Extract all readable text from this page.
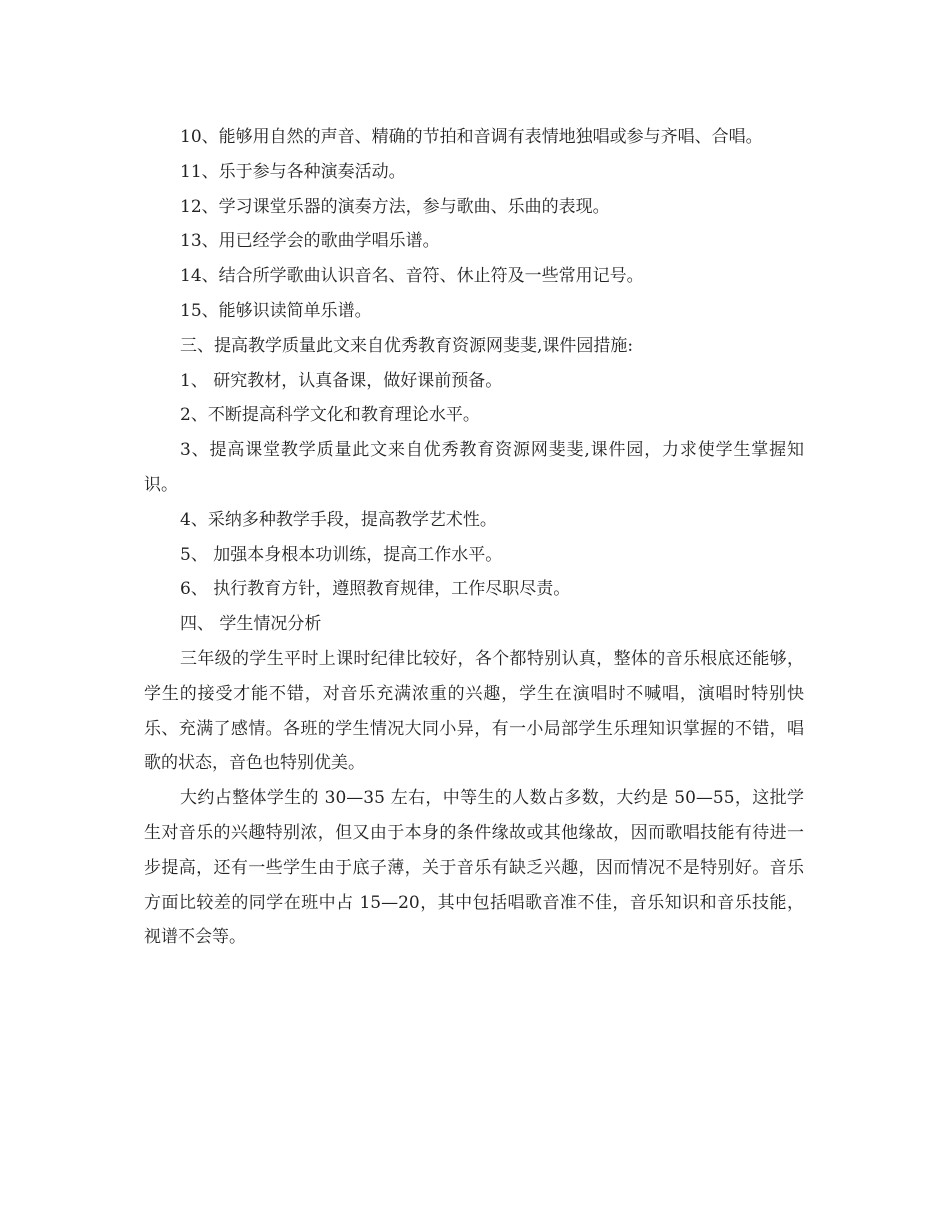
10、能够用自然的声音、精确的节拍和音调有表情地独唱或参与齐唱、合唱。

11、乐于参与各种演奏活动。

12、学习课堂乐器的演奏方法，参与歌曲、乐曲的表现。

13、用已经学会的歌曲学唱乐谱。

14、结合所学歌曲认识音名、音符、休止符及一些常用记号。

15、能够识读简单乐谱。

三、提高教学质量此文来自优秀教育资源网斐斐,课件园措施:

1、 研究教材，认真备课，做好课前预备。

2、不断提高科学文化和教育理论水平。

3、提高课堂教学质量此文来自优秀教育资源网斐斐,课件园，力求使学生掌握知识。

4、采纳多种教学手段，提高教学艺术性。

5、 加强本身根本功训练，提高工作水平。

6、 执行教育方针，遵照教育规律，工作尽职尽责。

四、 学生情况分析

三年级的学生平时上课时纪律比较好，各个都特别认真，整体的音乐根底还能够，学生的接受才能不错，对音乐充满浓重的兴趣，学生在演唱时不喊唱，演唱时特别快乐、充满了感情。各班的学生情况大同小异，有一小局部学生乐理知识掌握的不错，唱歌的状态，音色也特别优美。

大约占整体学生的 30—35 左右，中等生的人数占多数，大约是 50—55，这批学生对音乐的兴趣特别浓，但又由于本身的条件缘故或其他缘故，因而歌唱技能有待进一步提高，还有一些学生由于底子薄，关于音乐有缺乏兴趣，因而情况不是特别好。音乐方面比较差的同学在班中占 15—20，其中包括唱歌音准不佳，音乐知识和音乐技能，视谱不会等。
